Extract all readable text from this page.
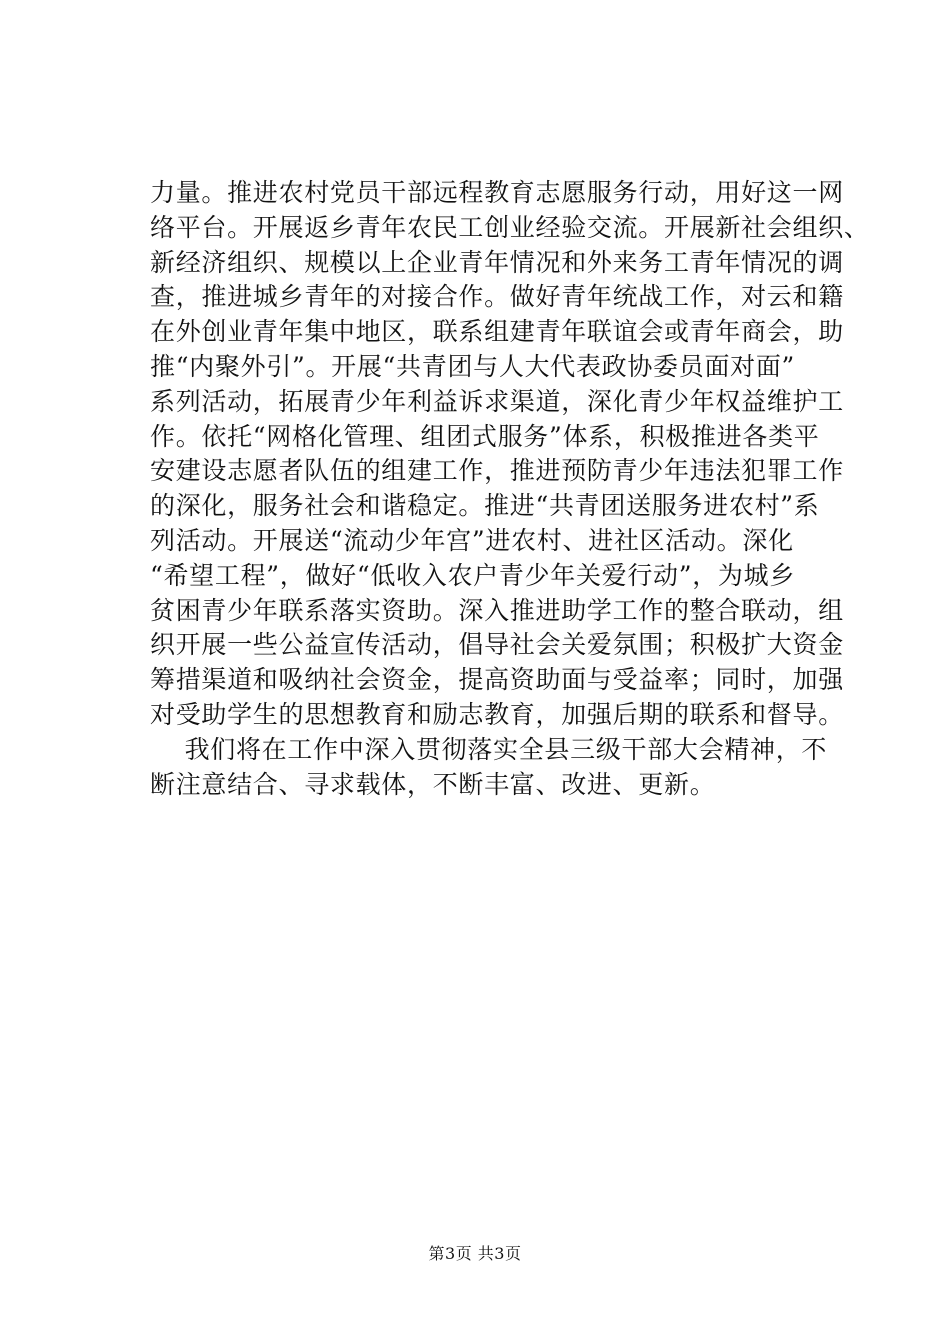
力量。推进农村党员干部远程教育志愿服务行动，用好这一网
络平台。开展返乡青年农民工创业经验交流。开展新社会组织、
新经济组织、规模以上企业青年情况和外来务工青年情况的调
查，推进城乡青年的对接合作。做好青年统战工作，对云和籍
在外创业青年集中地区，联系组建青年联谊会或青年商会，助
推“内聚外引”。开展“共青团与人大代表政协委员面对面”
系列活动，拓展青少年利益诉求渠道，深化青少年权益维护工
作。依托“网格化管理、组团式服务”体系，积极推进各类平
安建设志愿者队伍的组建工作，推进预防青少年违法犯罪工作
的深化，服务社会和谐稳定。推进“共青团送服务进农村”系
列活动。开展送“流动少年宫”进农村、进社区活动。深化
“希望工程”，做好“低收入农户青少年关爱行动”，为城乡
贫困青少年联系落实资助。深入推进助学工作的整合联动，组
织开展一些公益宣传活动，倡导社会关爱氛围；积极扩大资金
筹措渠道和吸纳社会资金，提高资助面与受益率；同时，加强
对受助学生的思想教育和励志教育，加强后期的联系和督导。
我们将在工作中深入贯彻落实全县三级干部大会精神，不
断注意结合、寻求载体，不断丰富、改进、更新。
第3页 共3页
